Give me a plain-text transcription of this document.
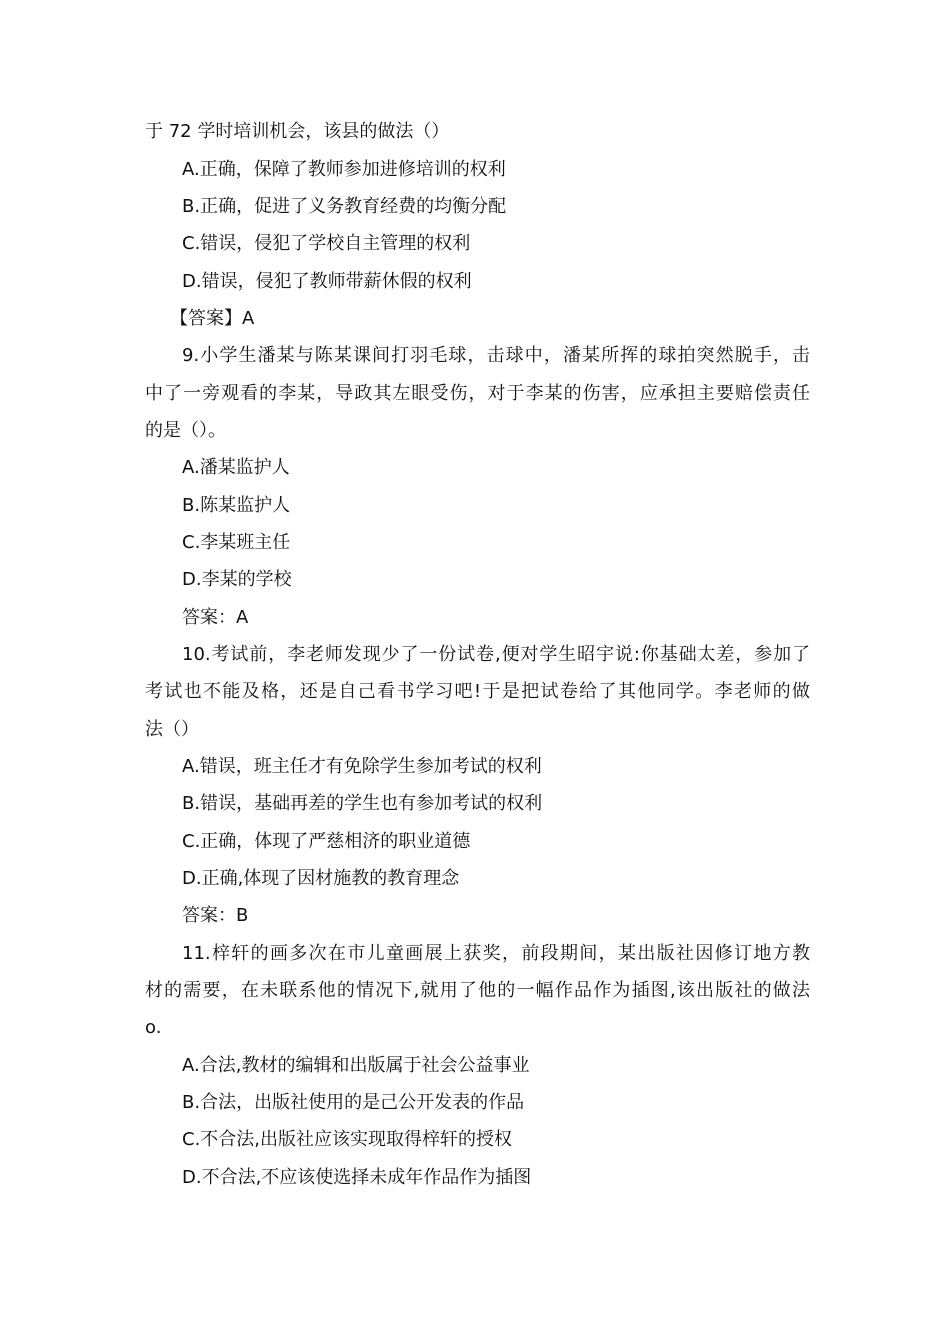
于 72 学时培训机会，该县的做法（）
A.正确，保障了教师参加进修培训的权利
B.正确，促进了义务教育经费的均衡分配
C.错误，侵犯了学校自主管理的权利
D.错误，侵犯了教师带薪休假的权利
【答案】A
9.小学生潘某与陈某课间打羽毛球，击球中，潘某所挥的球拍突然脱手，击
中了一旁观看的李某，导政其左眼受伤，对于李某的伤害，应承担主要赔偿责任
的是（）。
A.潘某监护人
B.陈某监护人
C.李某班主任
D.李某的学校
答案：A
10.考试前，李老师发现少了一份试卷,便对学生昭宇说:你基础太差，参加了
考试也不能及格，还是自己看书学习吧!于是把试卷给了其他同学。李老师的做
法（）
A.错误，班主任才有免除学生参加考试的权利
B.错误，基础再差的学生也有参加考试的权利
C.正确，体现了严慈相济的职业道德
D.正确,体现了因材施教的教育理念
答案：B
11.梓轩的画多次在市儿童画展上获奖，前段期间，某出版社因修订地方教
材的需要，在未联系他的情况下,就用了他的一幅作品作为插图,该出版社的做法
o.
A.合法,教材的编辑和出版属于社会公益事业
B.合法，出版社使用的是己公开发表的作品
C.不合法,出版社应该实现取得梓轩的授权
D.不合法,不应该使选择未成年作品作为插图
